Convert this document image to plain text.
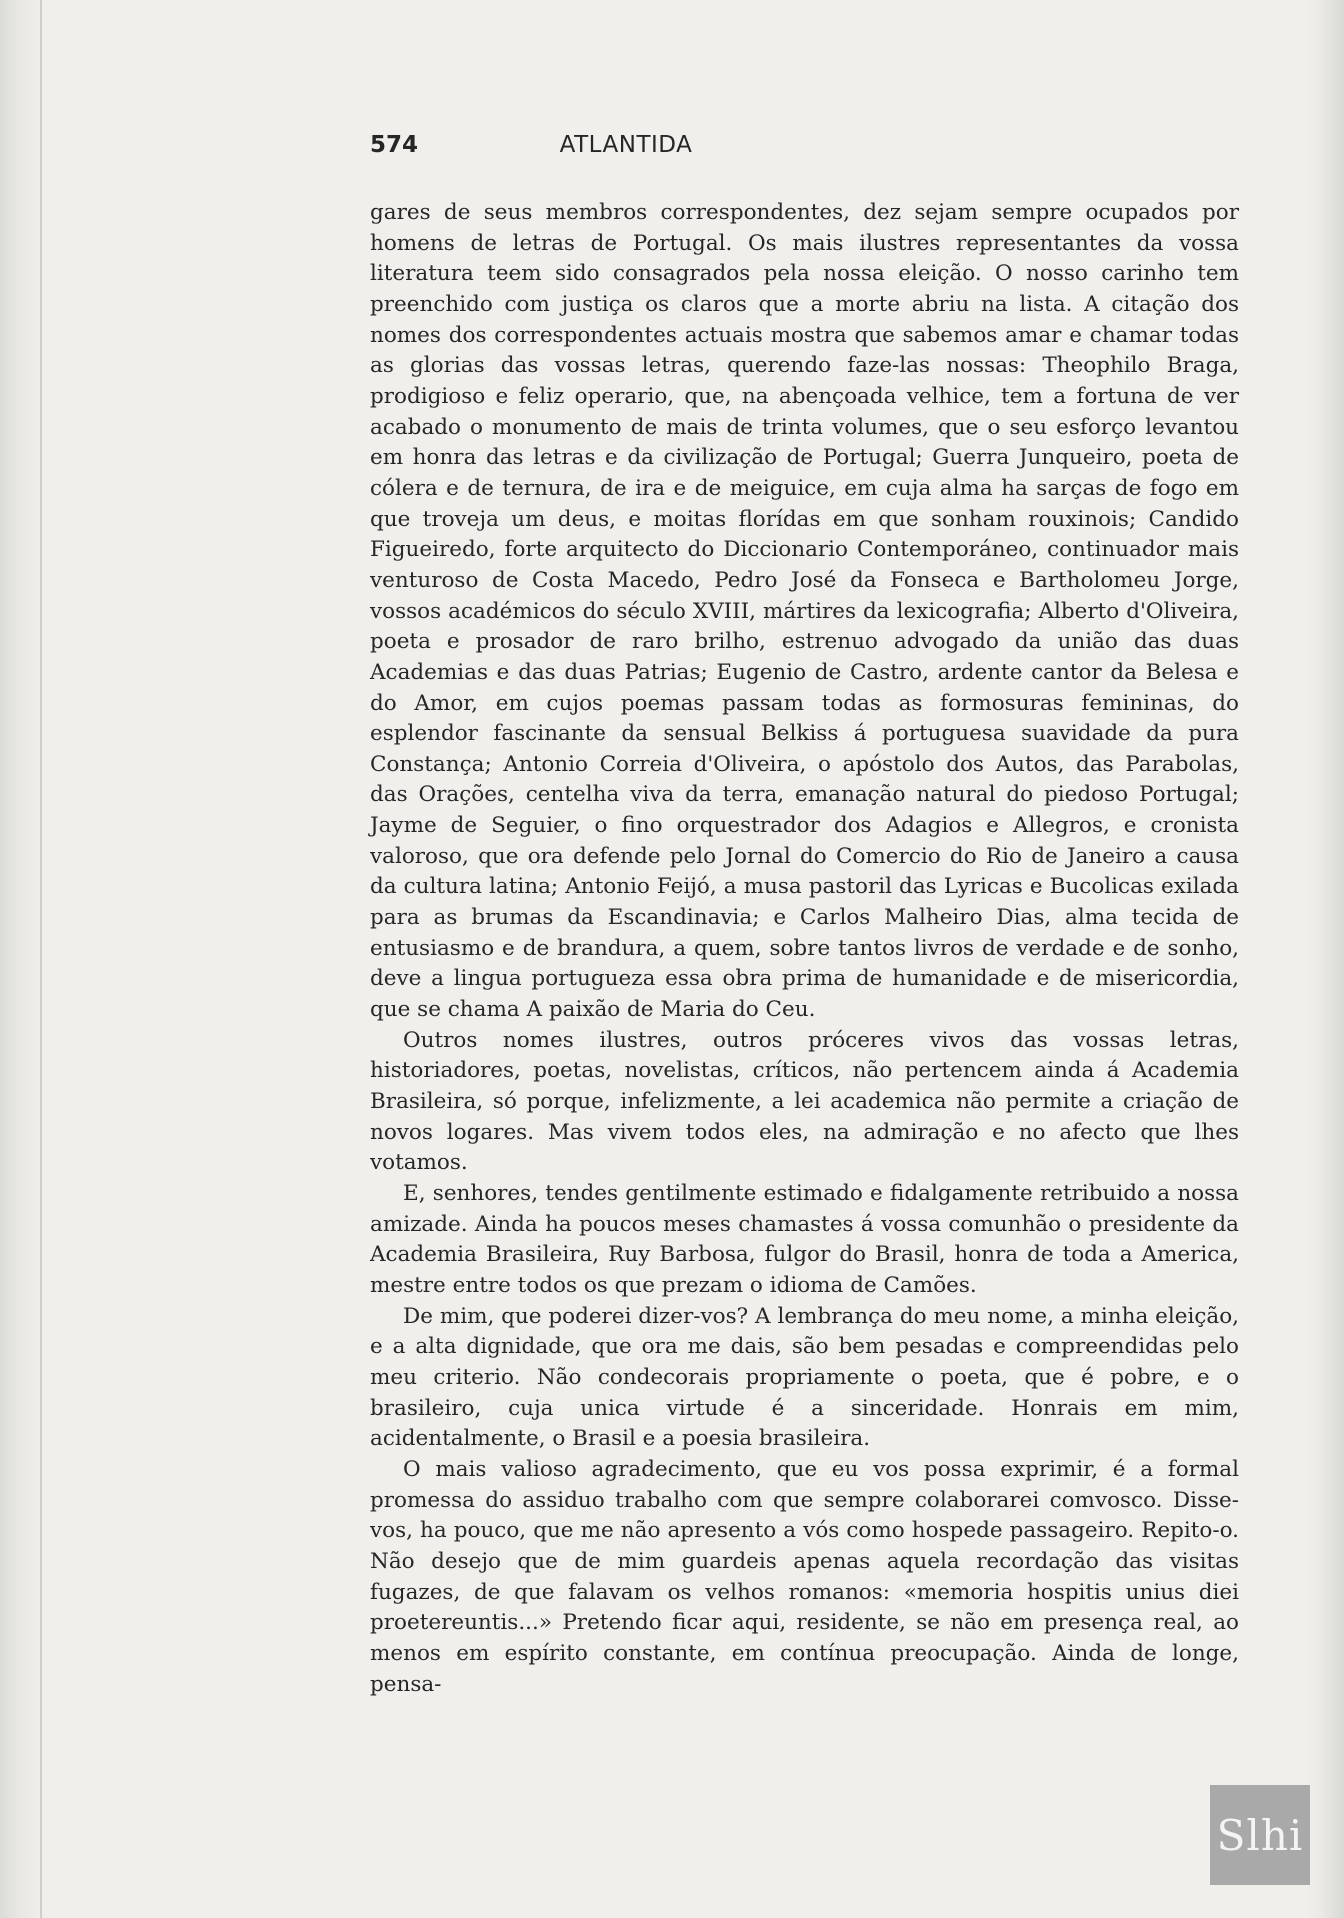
574	ATLANTIDA

gares de seus membros correspondentes, dez sejam sempre ocupados por homens de letras de Portugal. Os mais ilustres representantes da vossa literatura teem sido consagrados pela nossa eleição. O nosso carinho tem preenchido com justiça os claros que a morte abriu na lista. A citação dos nomes dos correspondentes actuais mostra que sabemos amar e chamar todas as glorias das vossas letras, querendo faze-las nossas: Theophilo Braga, prodigioso e feliz operario, que, na abençoada velhice, tem a fortuna de ver acabado o monumento de mais de trinta volumes, que o seu esforço levantou em honra das letras e da civilização de Portugal; Guerra Junqueiro, poeta de cólera e de ternura, de ira e de meiguice, em cuja alma ha sarças de fogo em que troveja um deus, e moitas florídas em que sonham rouxinois; Candido Figueiredo, forte arquitecto do Diccionario Contemporáneo, continuador mais venturoso de Costa Macedo, Pedro José da Fonseca e Bartholomeu Jorge, vossos académicos do século XVIII, mártires da lexicografia; Alberto d'Oliveira, poeta e prosador de raro brilho, estrenuo advogado da união das duas Academias e das duas Patrias; Eugenio de Castro, ardente cantor da Belesa e do Amor, em cujos poemas passam todas as formosuras femininas, do esplendor fascinante da sensual Belkiss á portuguesa suavidade da pura Constança; Antonio Correia d'Oliveira, o apóstolo dos Autos, das Parabolas, das Orações, centelha viva da terra, emanação natural do piedoso Portugal; Jayme de Seguier, o fino orquestrador dos Adagios e Allegros, e cronista valoroso, que ora defende pelo Jornal do Comercio do Rio de Janeiro a causa da cultura latina; Antonio Feijó, a musa pastoril das Lyricas e Bucolicas exilada para as brumas da Escandinavia; e Carlos Malheiro Dias, alma tecida de entusiasmo e de brandura, a quem, sobre tantos livros de verdade e de sonho, deve a lingua portugueza essa obra prima de humanidade e de misericordia, que se chama A paixão de Maria do Ceu.

Outros nomes ilustres, outros próceres vivos das vossas letras, historiadores, poetas, novelistas, críticos, não pertencem ainda á Academia Brasileira, só porque, infelizmente, a lei academica não permite a criação de novos logares. Mas vivem todos eles, na admiração e no afecto que lhes votamos.

E, senhores, tendes gentilmente estimado e fidalgamente retribuido a nossa amizade. Ainda ha poucos meses chamastes á vossa comunhão o presidente da Academia Brasileira, Ruy Barbosa, fulgor do Brasil, honra de toda a America, mestre entre todos os que prezam o idioma de Camões.

De mim, que poderei dizer-vos? A lembrança do meu nome, a minha eleição, e a alta dignidade, que ora me dais, são bem pesadas e compreendidas pelo meu criterio. Não condecorais propriamente o poeta, que é pobre, e o brasileiro, cuja unica virtude é a sinceridade. Honrais em mim, acidentalmente, o Brasil e a poesia brasileira.

O mais valioso agradecimento, que eu vos possa exprimir, é a formal promessa do assiduo trabalho com que sempre colaborarei comvosco. Disse-vos, ha pouco, que me não apresento a vós como hospede passageiro. Repito-o. Não desejo que de mim guardeis apenas aquela recordação das visitas fugazes, de que falavam os velhos romanos: «memoria hospitis unius diei proetereuntis...» Pretendo ficar aqui, residente, se não em presença real, ao menos em espírito constante, em contínua preocupação. Ainda de longe, pensa-

Slhi
